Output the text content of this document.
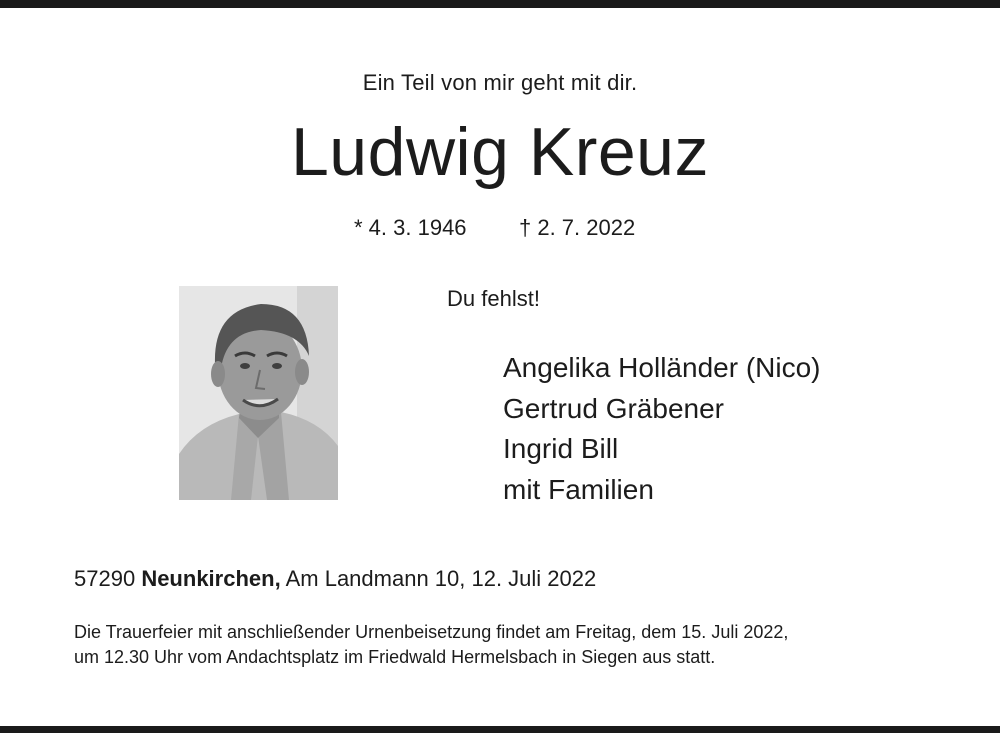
Ein Teil von mir geht mit dir.
Ludwig Kreuz
* 4. 3. 1946 † 2. 7. 2022
Du fehlst!
Angelika Holländer (Nico)
Gertrud Gräbener
Ingrid Bill
mit Familien
57290 Neunkirchen, Am Landmann 10, 12. Juli 2022
Die Trauerfeier mit anschließender Urnenbeisetzung findet am Freitag, dem 15. Juli 2022,
um 12.30 Uhr vom Andachtsplatz im Friedwald Hermelsbach in Siegen aus statt.
